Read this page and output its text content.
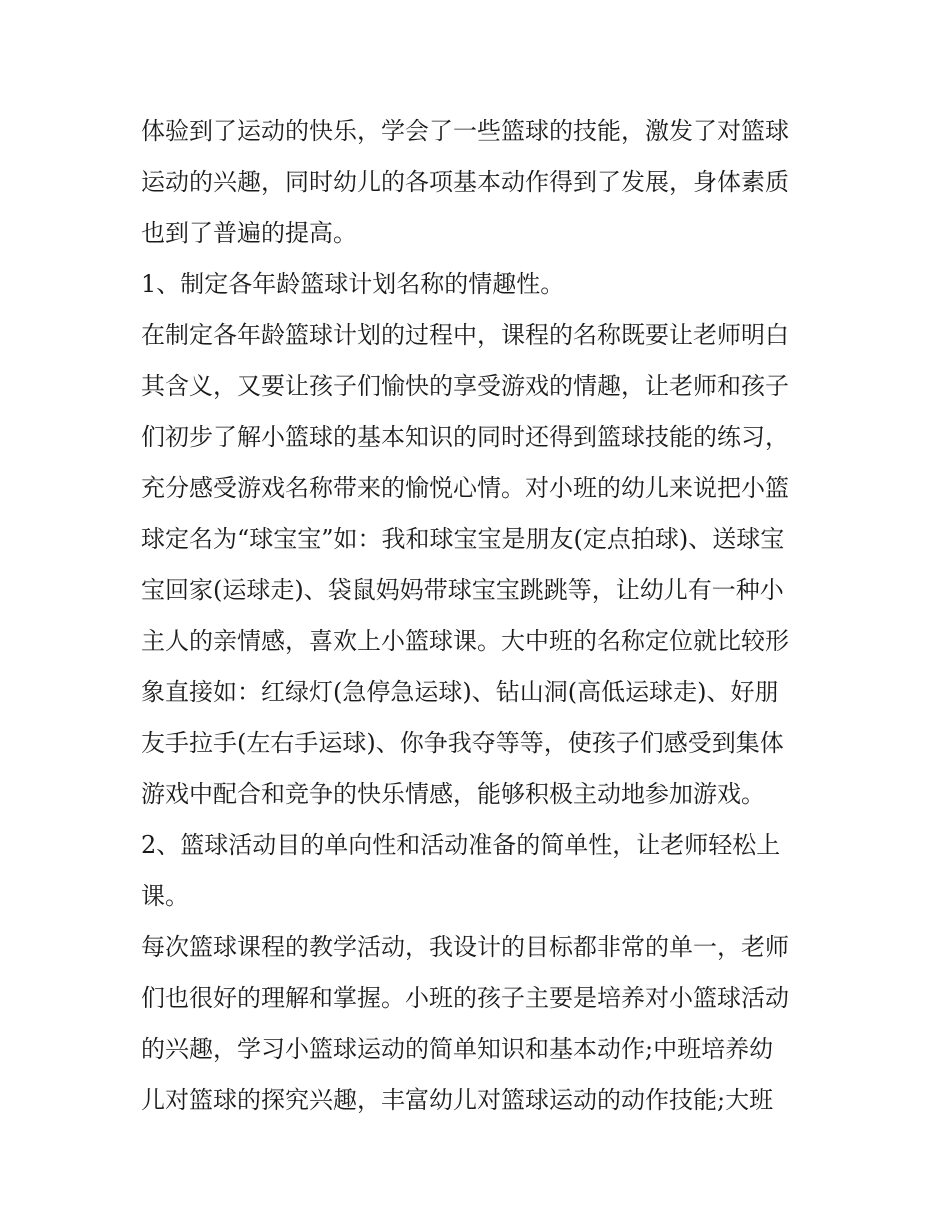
体验到了运动的快乐，学会了一些篮球的技能，激发了对篮球
运动的兴趣，同时幼儿的各项基本动作得到了发展，身体素质
也到了普遍的提高。
1、制定各年龄篮球计划名称的情趣性。
在制定各年龄篮球计划的过程中，课程的名称既要让老师明白
其含义，又要让孩子们愉快的享受游戏的情趣，让老师和孩子
们初步了解小篮球的基本知识的同时还得到篮球技能的练习，
充分感受游戏名称带来的愉悦心情。对小班的幼儿来说把小篮
球定名为“球宝宝”如：我和球宝宝是朋友(定点拍球)、送球宝
宝回家(运球走)、袋鼠妈妈带球宝宝跳跳等，让幼儿有一种小
主人的亲情感，喜欢上小篮球课。大中班的名称定位就比较形
象直接如：红绿灯(急停急运球)、钻山洞(高低运球走)、好朋
友手拉手(左右手运球)、你争我夺等等，使孩子们感受到集体
游戏中配合和竞争的快乐情感，能够积极主动地参加游戏。
2、篮球活动目的单向性和活动准备的简单性，让老师轻松上
课。
每次篮球课程的教学活动，我设计的目标都非常的单一，老师
们也很好的理解和掌握。小班的孩子主要是培养对小篮球活动
的兴趣，学习小篮球运动的简单知识和基本动作;中班培养幼
儿对篮球的探究兴趣，丰富幼儿对篮球运动的动作技能;大班
